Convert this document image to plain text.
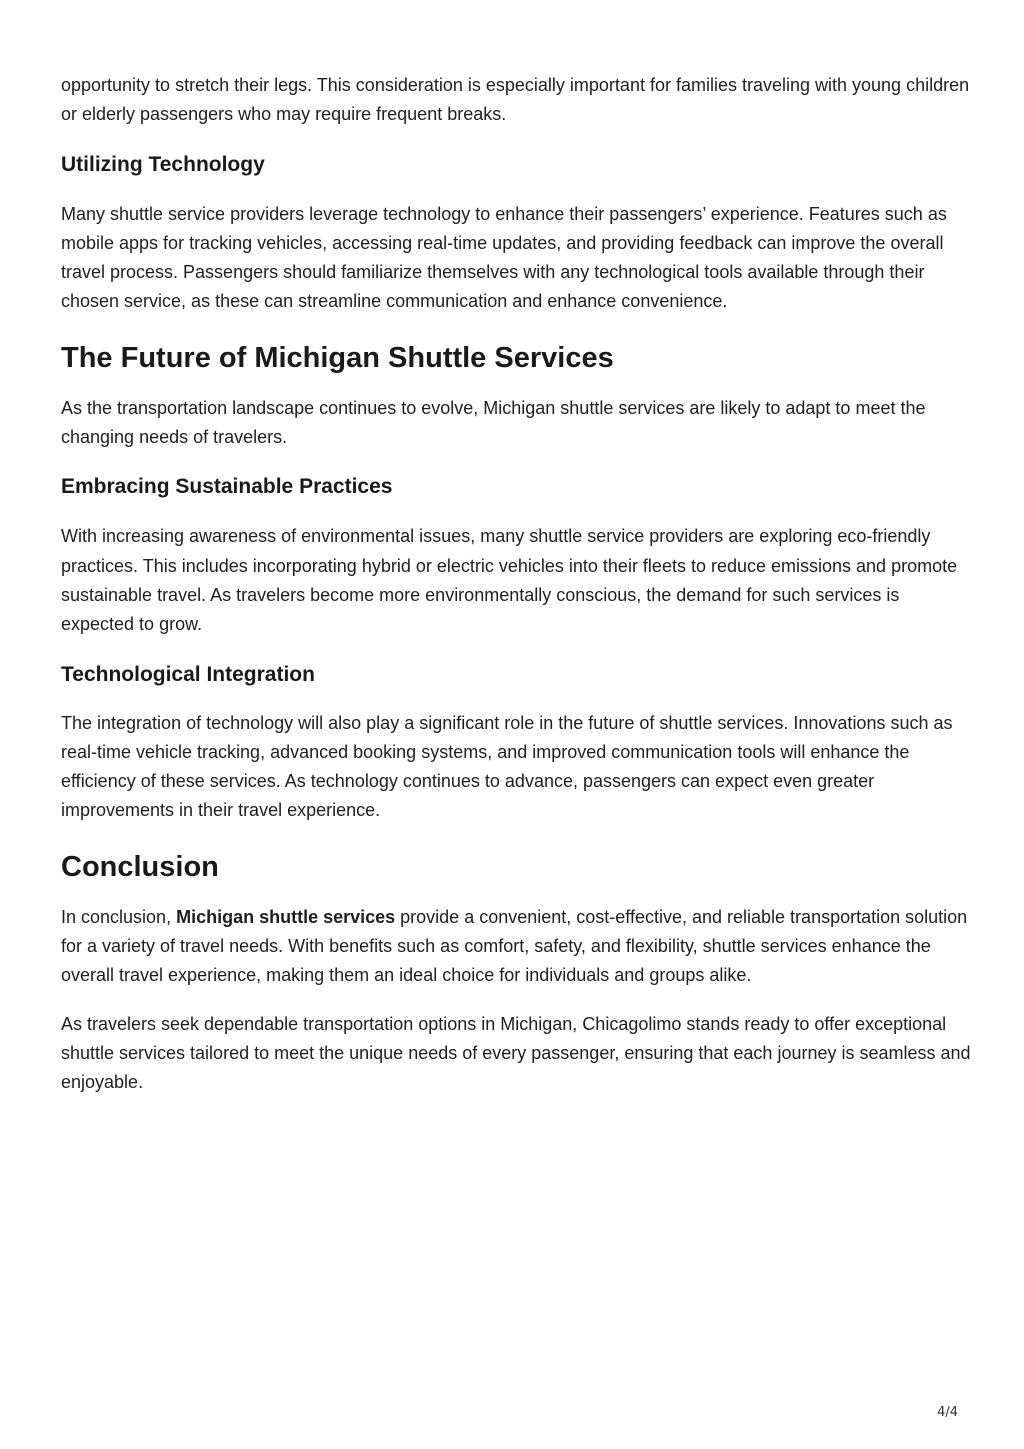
opportunity to stretch their legs. This consideration is especially important for families traveling with young children or elderly passengers who may require frequent breaks.

Utilizing Technology

Many shuttle service providers leverage technology to enhance their passengers’ experience. Features such as mobile apps for tracking vehicles, accessing real-time updates, and providing feedback can improve the overall travel process. Passengers should familiarize themselves with any technological tools available through their chosen service, as these can streamline communication and enhance convenience.

The Future of Michigan Shuttle Services

As the transportation landscape continues to evolve, Michigan shuttle services are likely to adapt to meet the changing needs of travelers.

Embracing Sustainable Practices

With increasing awareness of environmental issues, many shuttle service providers are exploring eco-friendly practices. This includes incorporating hybrid or electric vehicles into their fleets to reduce emissions and promote sustainable travel. As travelers become more environmentally conscious, the demand for such services is expected to grow.

Technological Integration

The integration of technology will also play a significant role in the future of shuttle services. Innovations such as real-time vehicle tracking, advanced booking systems, and improved communication tools will enhance the efficiency of these services. As technology continues to advance, passengers can expect even greater improvements in their travel experience.

Conclusion

In conclusion, Michigan shuttle services provide a convenient, cost-effective, and reliable transportation solution for a variety of travel needs. With benefits such as comfort, safety, and flexibility, shuttle services enhance the overall travel experience, making them an ideal choice for individuals and groups alike.

As travelers seek dependable transportation options in Michigan, Chicagolimo stands ready to offer exceptional shuttle services tailored to meet the unique needs of every passenger, ensuring that each journey is seamless and enjoyable.

4/4
